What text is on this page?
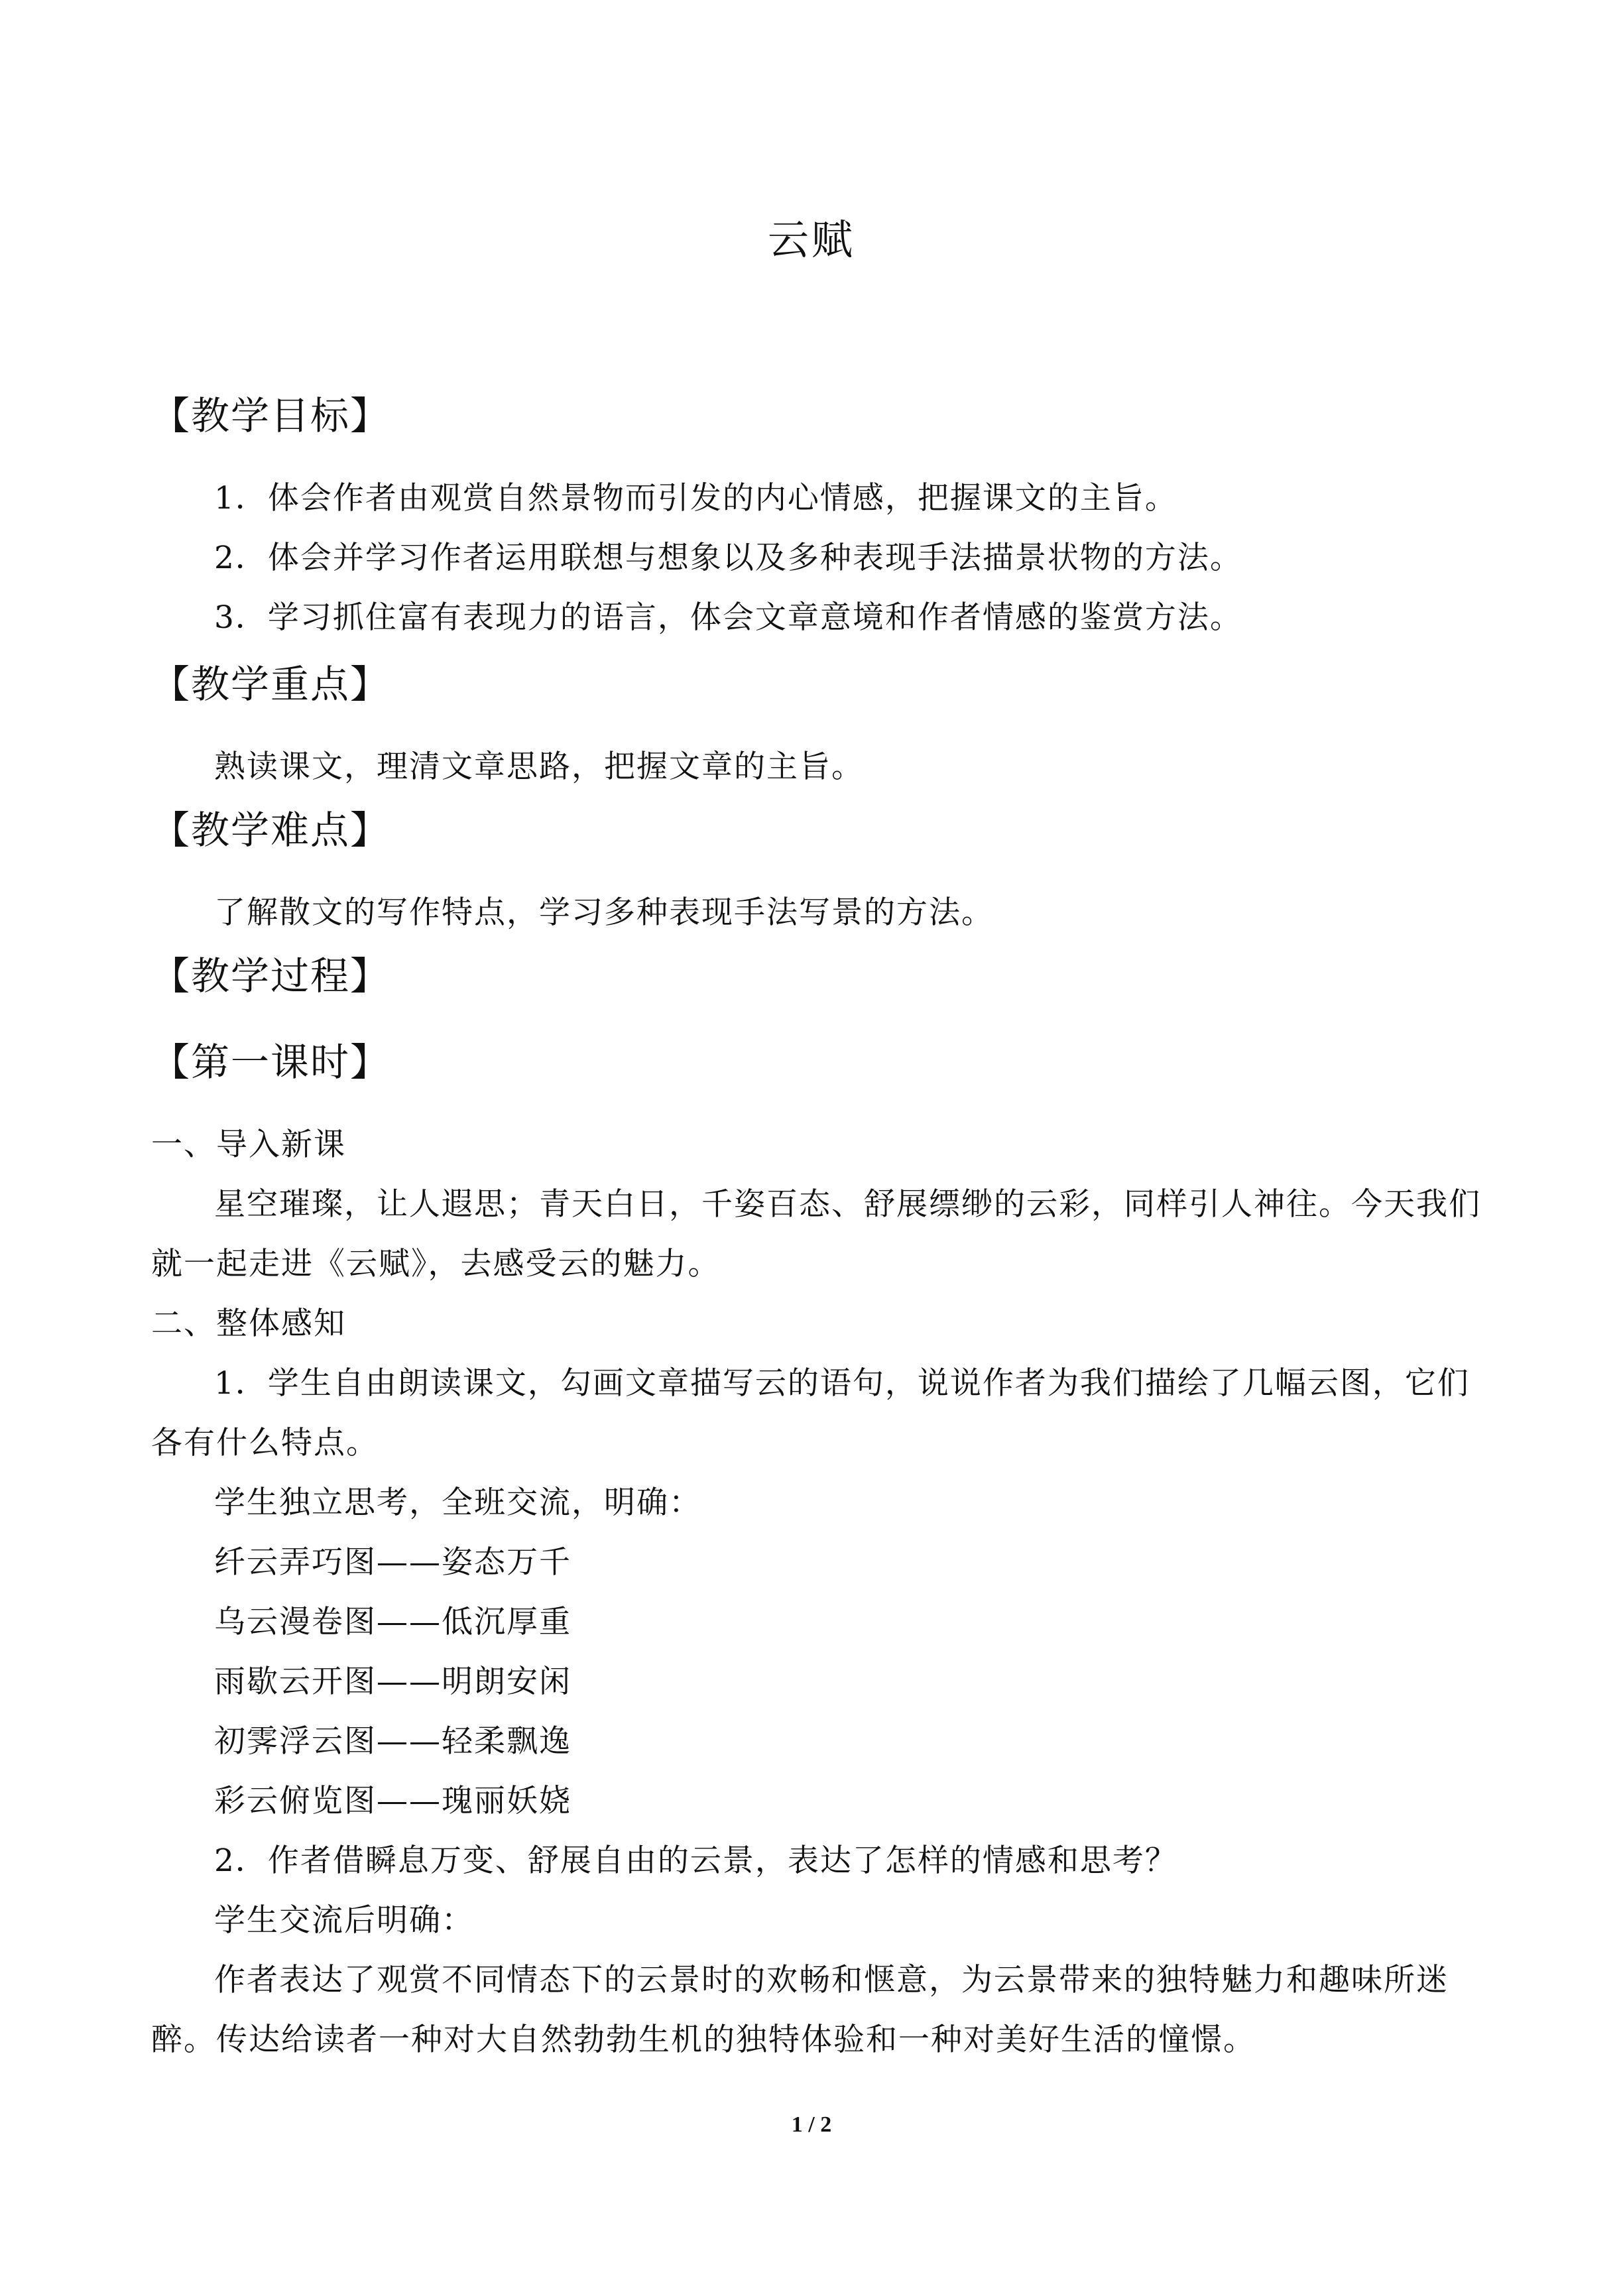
云赋
【教学目标】
1．体会作者由观赏自然景物而引发的内心情感，把握课文的主旨。
2．体会并学习作者运用联想与想象以及多种表现手法描景状物的方法。
3．学习抓住富有表现力的语言，体会文章意境和作者情感的鉴赏方法。
【教学重点】
熟读课文，理清文章思路，把握文章的主旨。
【教学难点】
了解散文的写作特点，学习多种表现手法写景的方法。
【教学过程】
【第一课时】
一、导入新课
星空璀璨，让人遐思；青天白日，千姿百态、舒展缥缈的云彩，同样引人神往。今天我们
就一起走进《云赋》，去感受云的魅力。
二、整体感知
1．学生自由朗读课文，勾画文章描写云的语句，说说作者为我们描绘了几幅云图，它们
各有什么特点。
学生独立思考，全班交流，明确：
纤云弄巧图——姿态万千
乌云漫卷图——低沉厚重
雨歇云开图——明朗安闲
初霁浮云图——轻柔飘逸
彩云俯览图——瑰丽妖娆
2．作者借瞬息万变、舒展自由的云景，表达了怎样的情感和思考？
学生交流后明确：
作者表达了观赏不同情态下的云景时的欢畅和惬意，为云景带来的独特魅力和趣味所迷
醉。传达给读者一种对大自然勃勃生机的独特体验和一种对美好生活的憧憬。
1 / 2
